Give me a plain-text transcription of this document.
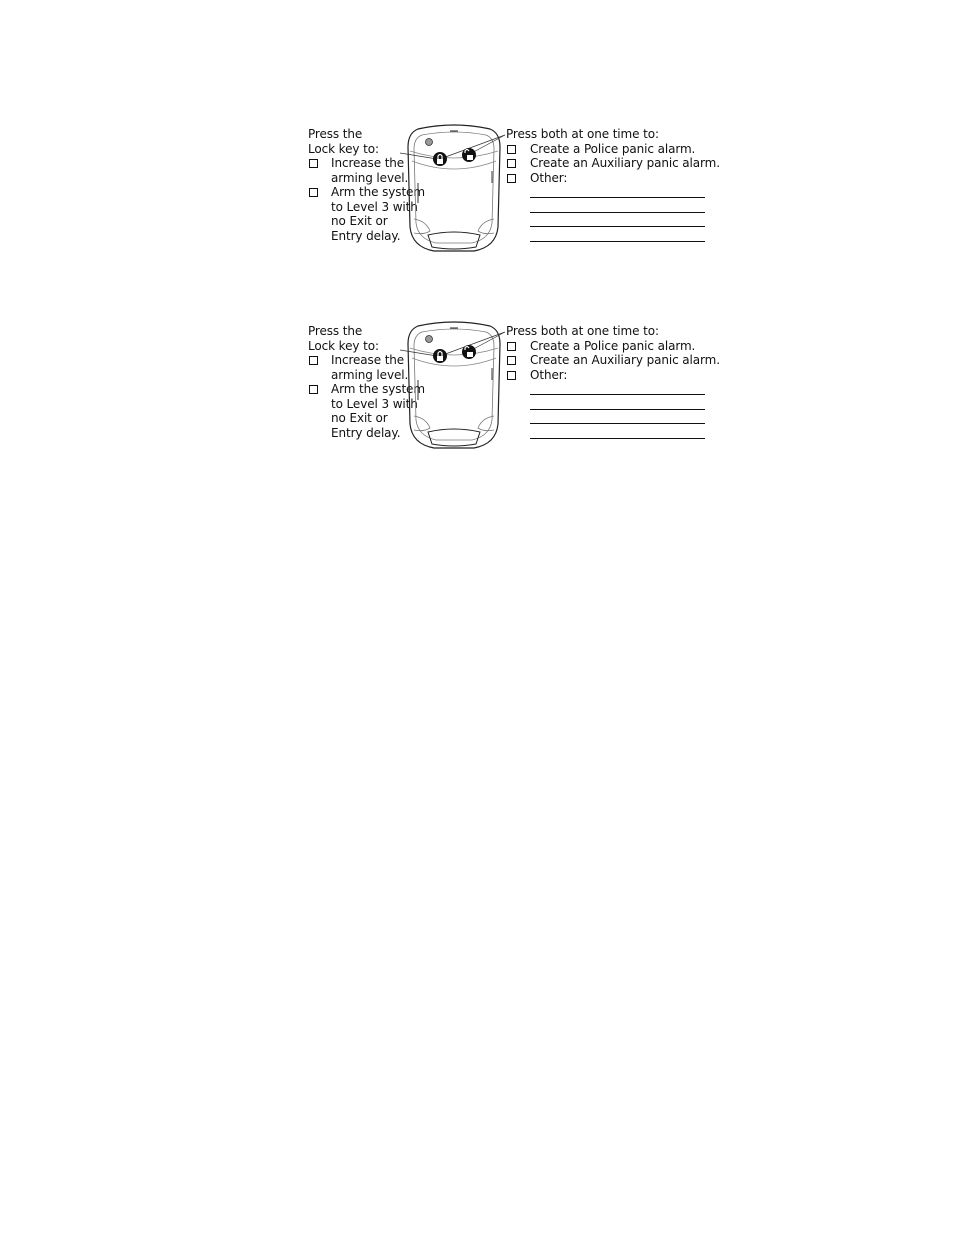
Press the
Lock key to:
Increase the
arming level.
Arm the system
to Level 3 with
no Exit or
Entry delay.
Press both at one time to:
Create a Police panic alarm.
Create an Auxiliary panic alarm.
Other:
Press the
Lock key to:
Increase the
arming level.
Arm the system
to Level 3 with
no Exit or
Entry delay.
Press both at one time to:
Create a Police panic alarm.
Create an Auxiliary panic alarm.
Other:
